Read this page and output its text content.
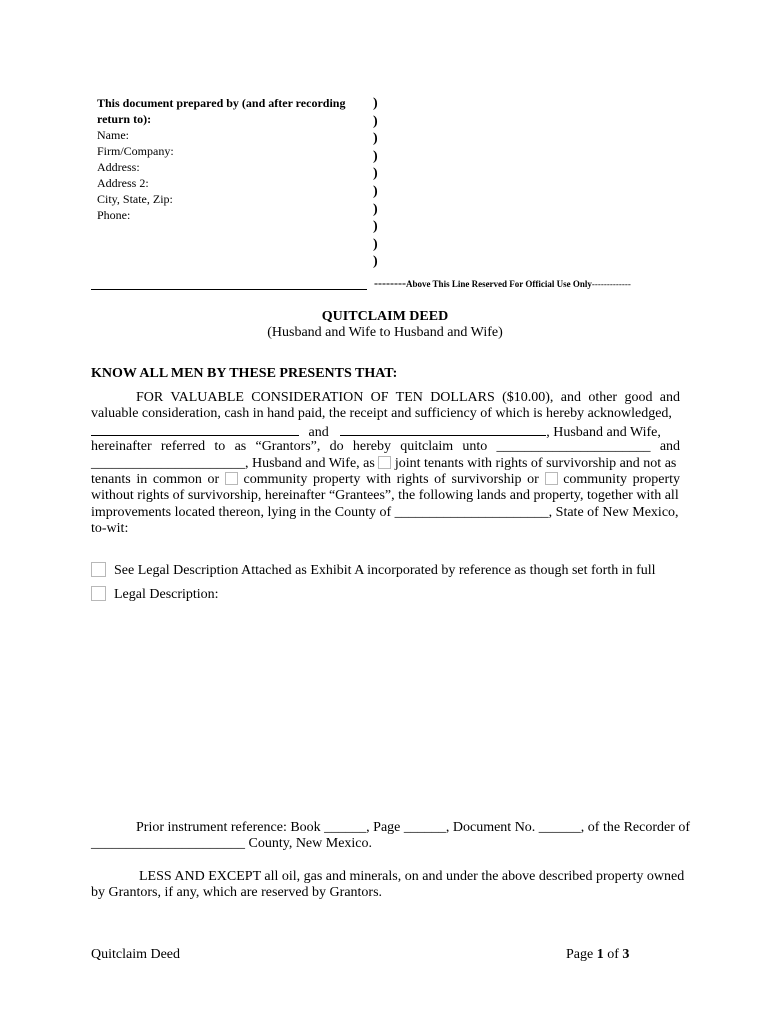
This document prepared by (and after recording
return to):
Name:
Firm/Company:
Address:
Address 2:
City, State, Zip:
Phone:
)
)
)
)
)
)
)
)
)
)
--------Above This Line Reserved For Official Use Only-------------
QUITCLAIM DEED
(Husband and Wife to Husband and Wife)
KNOW ALL MEN BY THESE PRESENTS THAT:
FOR VALUABLE CONSIDERATION OF TEN DOLLARS ($10.00), and other good and
valuable consideration, cash in hand paid, the receipt and sufficiency of which is hereby acknowledged,
and	, Husband and Wife,
hereinafter referred to as “Grantors”, do hereby quitclaim unto ______________________ and
______________________, Husband and Wife, as joint tenants with rights of survivorship and not as
tenants in common or community property with rights of survivorship or community property
without rights of survivorship, hereinafter “Grantees”, the following lands and property, together with all
improvements located thereon, lying in the County of ______________________, State of New Mexico,
to-wit:
See Legal Description Attached as Exhibit A incorporated by reference as though set forth in full
Legal Description:
Prior instrument reference: Book ______, Page ______, Document No. ______, of the Recorder of
______________________ County, New Mexico.
LESS AND EXCEPT all oil, gas and minerals, on and under the above described property owned
by Grantors, if any, which are reserved by Grantors.
Quitclaim Deed	Page 1 of 3
